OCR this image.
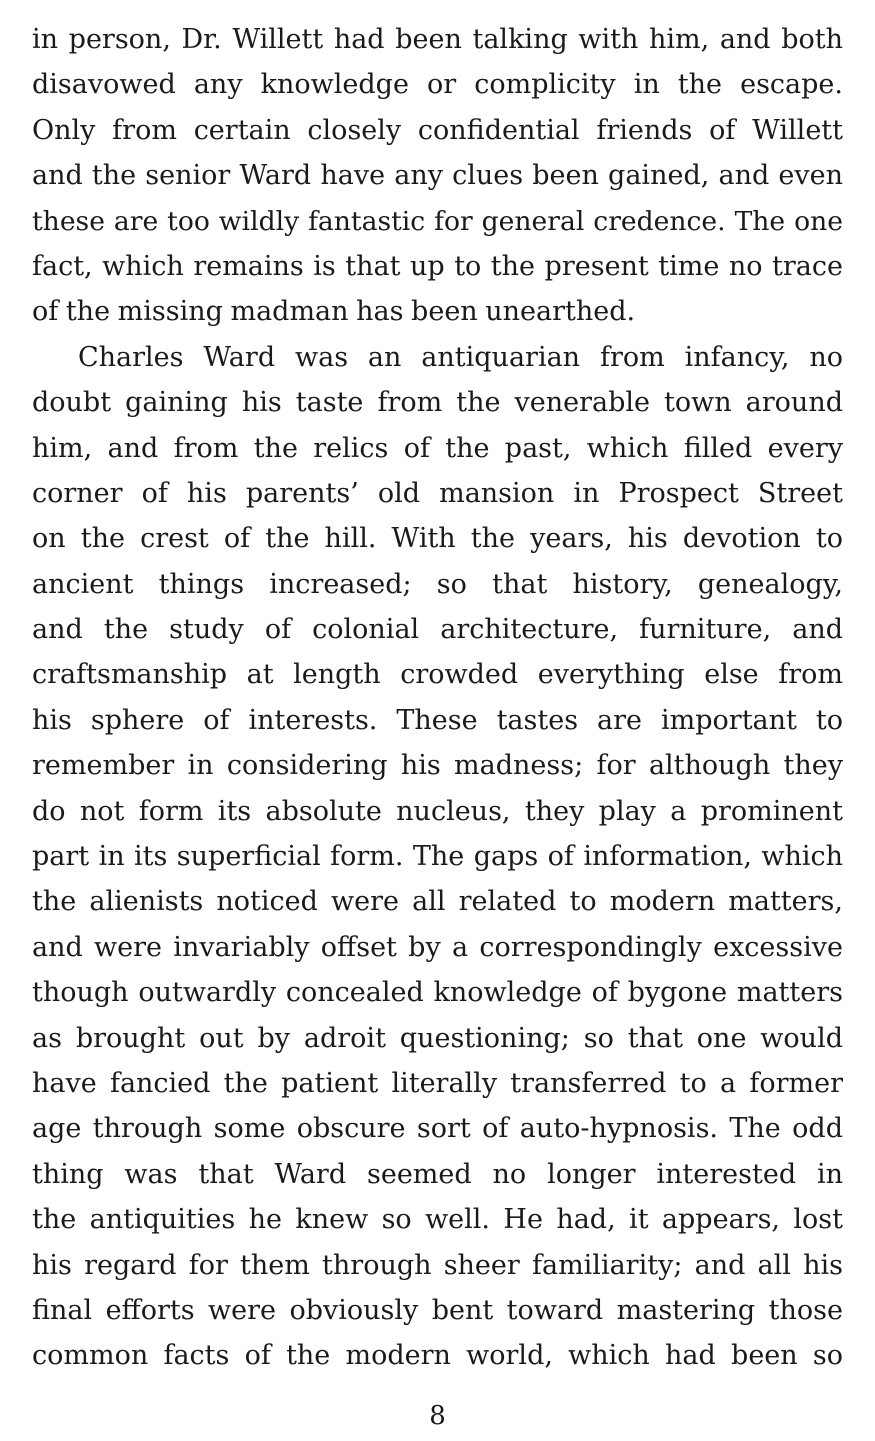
in person, Dr. Willett had been talking with him, and both
disavowed any knowledge or complicity in the escape.
Only from certain closely confidential friends of Willett
and the senior Ward have any clues been gained, and even
these are too wildly fantastic for general credence. The one
fact, which remains is that up to the present time no trace
of the missing madman has been unearthed.
Charles Ward was an antiquarian from infancy, no
doubt gaining his taste from the venerable town around
him, and from the relics of the past, which filled every
corner of his parents’ old mansion in Prospect Street
on the crest of the hill. With the years, his devotion to
ancient things increased; so that history, genealogy,
and the study of colonial architecture, furniture, and
craftsmanship at length crowded everything else from
his sphere of interests. These tastes are important to
remember in considering his madness; for although they
do not form its absolute nucleus, they play a prominent
part in its superficial form. The gaps of information, which
the alienists noticed were all related to modern matters,
and were invariably offset by a correspondingly excessive
though outwardly concealed knowledge of bygone matters
as brought out by adroit questioning; so that one would
have fancied the patient literally transferred to a former
age through some obscure sort of auto-hypnosis. The odd
thing was that Ward seemed no longer interested in
the antiquities he knew so well. He had, it appears, lost
his regard for them through sheer familiarity; and all his
final efforts were obviously bent toward mastering those
common facts of the modern world, which had been so
8
